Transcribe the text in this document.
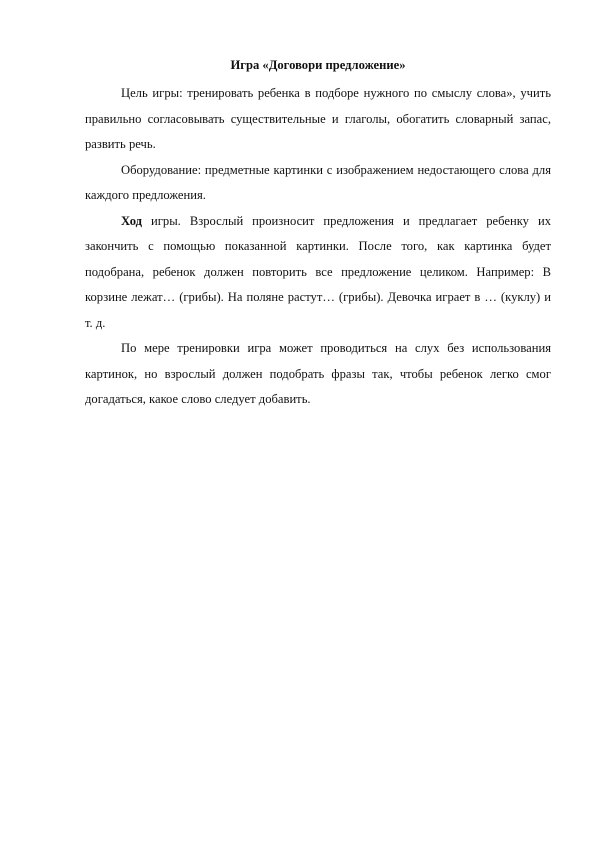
Игра «Договори предложение»

Цель игры: тренировать ребенка в подборе нужного по смыслу слова», учить правильно согласовывать существительные и глаголы, обогатить словарный запас, развить речь.

Оборудование: предметные картинки с изображением недостающего слова для каждого предложения.

Ход игры. Взрослый произносит предложения и предлагает ребенку их закончить с помощью показанной картинки. После того, как картинка будет подобрана, ребенок должен повторить все предложение целиком. Например: В корзине лежат… (грибы). На поляне растут… (грибы). Девочка играет в … (куклу) и т. д.

По мере тренировки игра может проводиться на слух без использования картинок, но взрослый должен подобрать фразы так, чтобы ребенок легко смог догадаться, какое слово следует добавить.
